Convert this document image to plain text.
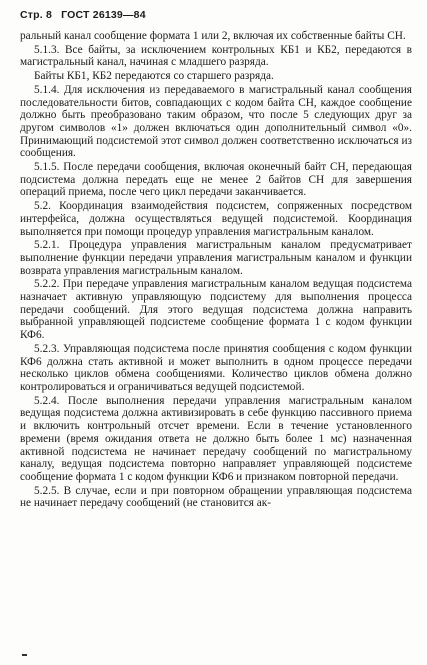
Стр. 8 ГОСТ 26139—84

ральный канал сообщение формата 1 или 2, включая их собственные байты СН.

5.1.3. Все байты, за исключением контрольных КБ1 и КБ2, передаются в магистральный канал, начиная с младшего разряда.

Байты КБ1, КБ2 передаются со старшего разряда.

5.1.4. Для исключения из передаваемого в магистральный канал сообщения последовательности битов, совпадающих с кодом байта СН, каждое сообщение должно быть преобразовано таким образом, что после 5 следующих друг за другом символов «1» должен включаться один дополнительный символ «0». Принимающий подсистемой этот символ должен соответственно исключаться из сообщения.

5.1.5. После передачи сообщения, включая оконечный байт СН, передающая подсистема должна передать еще не менее 2 байтов СН для завершения операций приема, после чего цикл передачи заканчивается.

5.2. Координация взаимодействия подсистем, сопряженных посредством интерфейса, должна осуществляться ведущей подсистемой. Координация выполняется при помощи процедур управления магистральным каналом.

5.2.1. Процедура управления магистральным каналом предусматривает выполнение функции передачи управления магистральным каналом и функции возврата управления магистральным каналом.

5.2.2. При передаче управления магистральным каналом ведущая подсистема назначает активную управляющую подсистему для выполнения процесса передачи сообщений. Для этого ведущая подсистема должна направить выбранной управляющей подсистеме сообщение формата 1 с кодом функции КФ6.

5.2.3. Управляющая подсистема после принятия сообщения с кодом функции КФ6 должна стать активной и может выполнить в одном процессе передачи несколько циклов обмена сообщениями. Количество циклов обмена должно контролироваться и ограничиваться ведущей подсистемой.

5.2.4. После выполнения передачи управления магистральным каналом ведущая подсистема должна активизировать в себе функцию пассивного приема и включить контрольный отсчет времени. Если в течение установленного времени (время ожидания ответа не должно быть более 1 мс) назначенная активной подсистема не начинает передачу сообщений по магистральному каналу, ведущая подсистема повторно направляет управляющей подсистеме сообщение формата 1 с кодом функции КФ6 и признаком повторной передачи.

5.2.5. В случае, если и при повторном обращении управляющая подсистема не начинает передачу сообщений (не становится ак-
